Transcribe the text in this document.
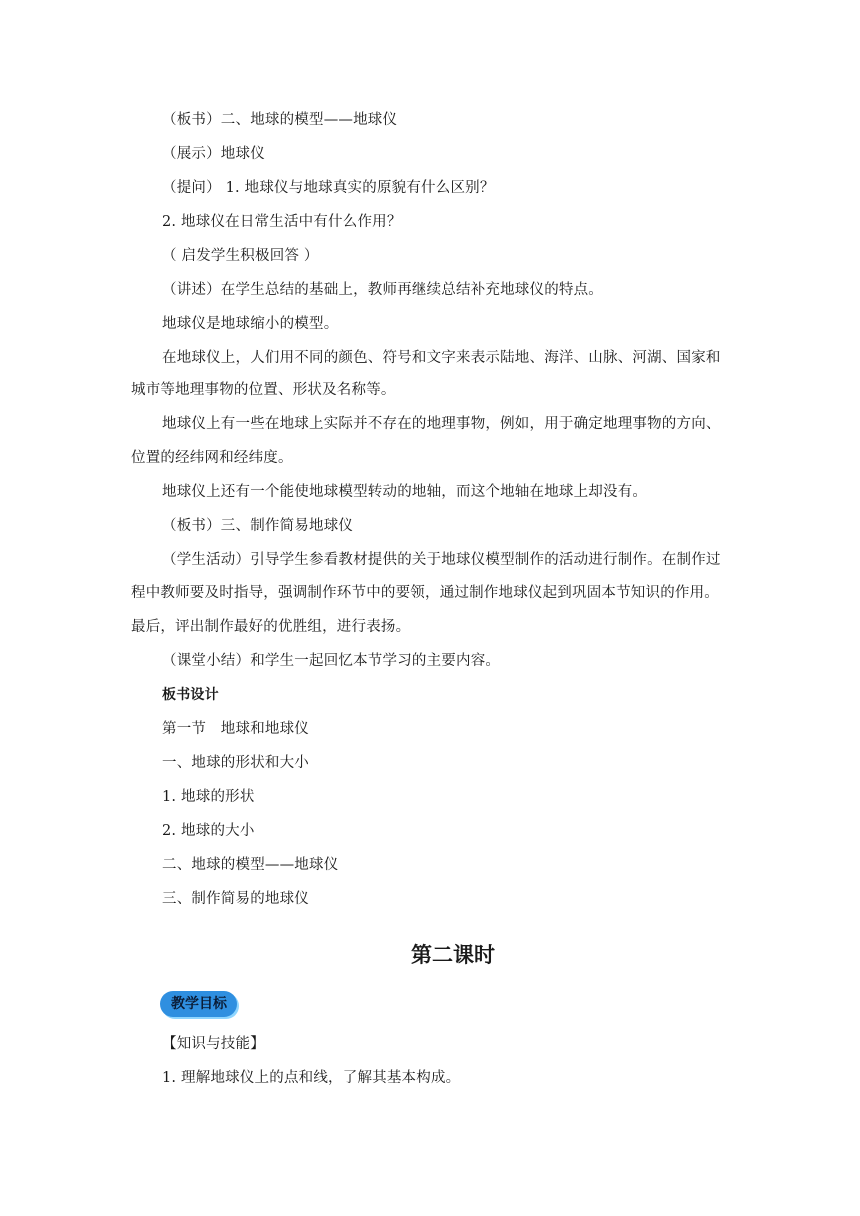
（板书）二、地球的模型——地球仪
（展示）地球仪
（提问） 1. 地球仪与地球真实的原貌有什么区别？
2. 地球仪在日常生活中有什么作用？
（ 启发学生积极回答 ）
（讲述）在学生总结的基础上，教师再继续总结补充地球仪的特点。
地球仪是地球缩小的模型。
在地球仪上，人们用不同的颜色、符号和文字来表示陆地、海洋、山脉、河湖、国家和
城市等地理事物的位置、形状及名称等。
地球仪上有一些在地球上实际并不存在的地理事物，例如，用于确定地理事物的方向、
位置的经纬网和经纬度。
地球仪上还有一个能使地球模型转动的地轴，而这个地轴在地球上却没有。
（板书）三、制作简易地球仪
（学生活动）引导学生参看教材提供的关于地球仪模型制作的活动进行制作。在制作过
程中教师要及时指导，强调制作环节中的要领，通过制作地球仪起到巩固本节知识的作用。
最后，评出制作最好的优胜组，进行表扬。
（课堂小结）和学生一起回忆本节学习的主要内容。
板书设计
第一节　地球和地球仪
一、地球的形状和大小
1. 地球的形状
2. 地球的大小
二、地球的模型——地球仪
三、制作简易的地球仪
第二课时
教学目标
【知识与技能】
1. 理解地球仪上的点和线，了解其基本构成。
